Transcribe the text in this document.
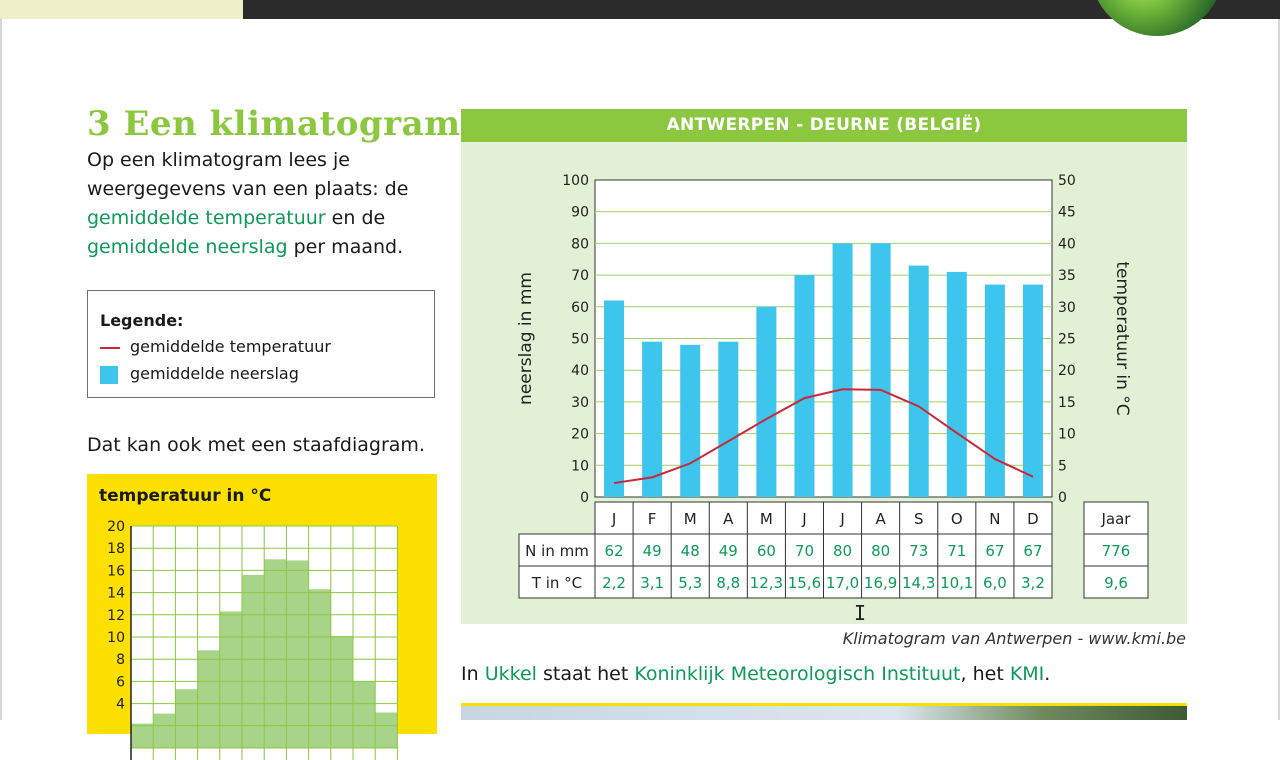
3 Een klimatogram
Op een klimatogram lees je weergegevens van een plaats: de gemiddelde temperatuur en de gemiddelde neerslag per maand.
Legende:
gemiddelde temperatuur
gemiddelde neerslag
Dat kan ook met een staafdiagram.
temperatuur in °C
4
6
8
10
12
14
16
18
20
ANTWERPEN - DEURNE (BELGIË)
0
10
20
30
40
50
60
70
80
90
100
0
5
10
15
20
25
30
35
40
45
50
neerslag in mm	temperatuur in °C
J
62
2,2
F
49
3,1
M
48
5,3
A
49
8,8
M
60
12,3
J
70
15,6
J
80
17,0
A
80
16,9
S
73
14,3
O
71
10,1
N
67
6,0
D
67
3,2
N in mm
T in °C
Jaar
776
9,6
Klimatogram van Antwerpen - www.kmi.be
In Ukkel staat het Koninklijk Meteorologisch Instituut, het KMI.
I
